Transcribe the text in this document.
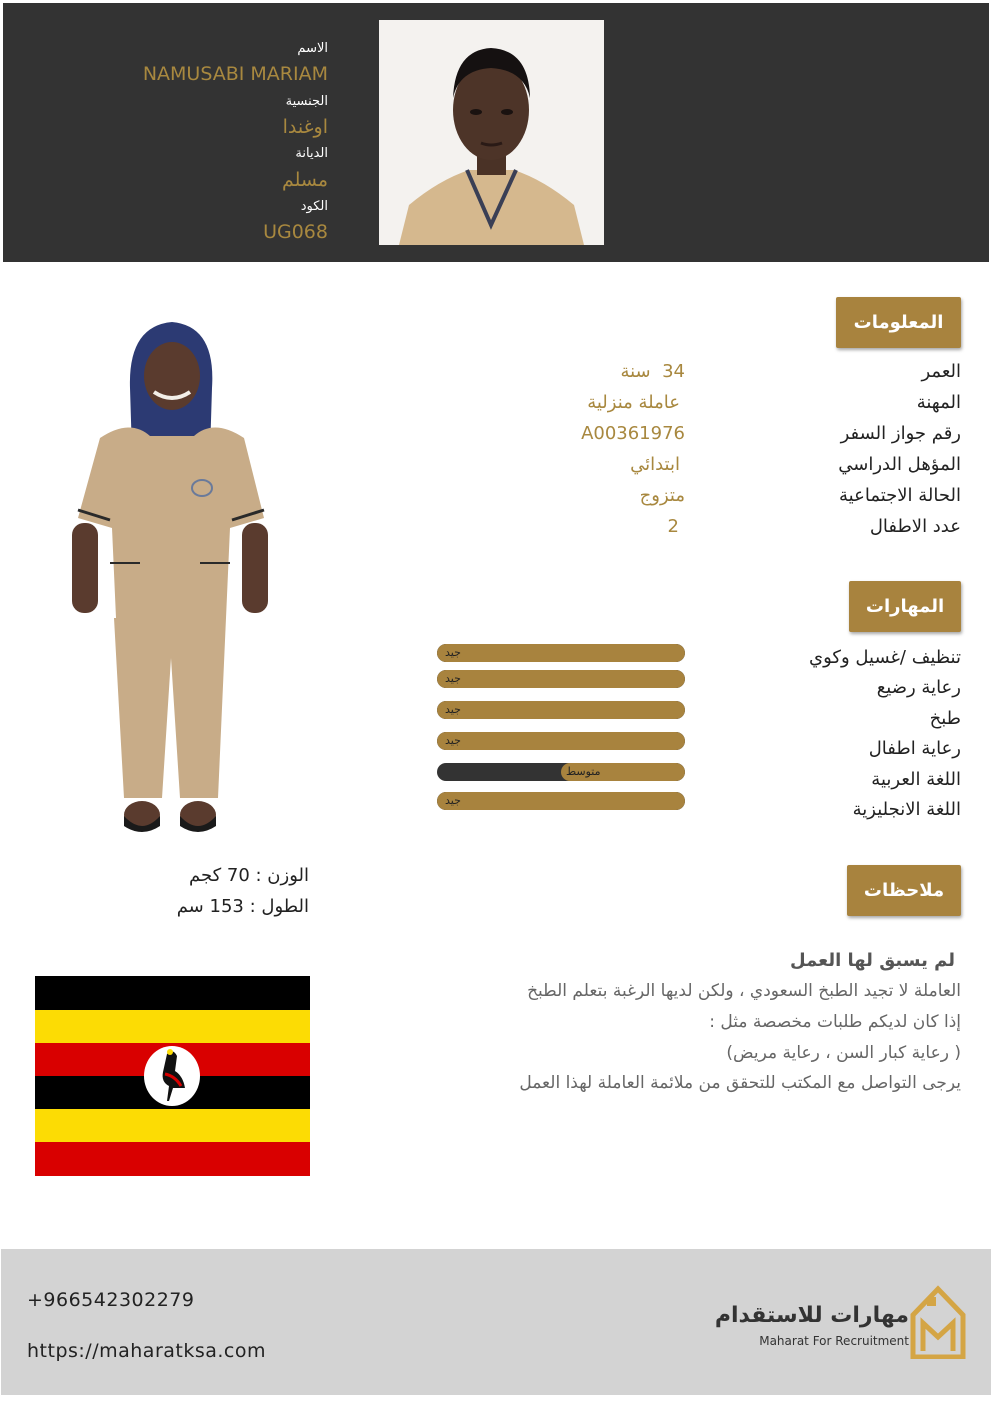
الاسم
NAMUSABI MARIAM
الجنسية
اوغندا
الديانة
مسلم
الكود
UG068
المعلومات
العمر
34  سنة
المهنة
عاملة منزلية
رقم جواز السفر
A00361976
المؤهل الدراسي
ابتدائي
الحالة الاجتماعية
متزوج
عدد الاطفال
2
المهارات
تنظيف /غسيل وكوي
جيد
رعاية رضيع
جيد
طبخ
جيد
رعاية اطفال
جيد
اللغة العربية
متوسط
اللغة الانجليزية
جيد
ملاحظات
لم يسبق لها العمل
العاملة لا تجيد الطبخ السعودي ، ولكن لديها الرغبة بتعلم الطبخ
إذا كان لديكم طلبات مخصصة مثل :
( رعاية كبار السن ، رعاية مريض)
يرجى التواصل مع المكتب للتحقق من ملائمة العاملة لهذا العمل
الوزن : 70 كجم
الطول : 153 سم
+966542302279
https://maharatksa.com
مهارات للاستقدام
Maharat For Recruitment
